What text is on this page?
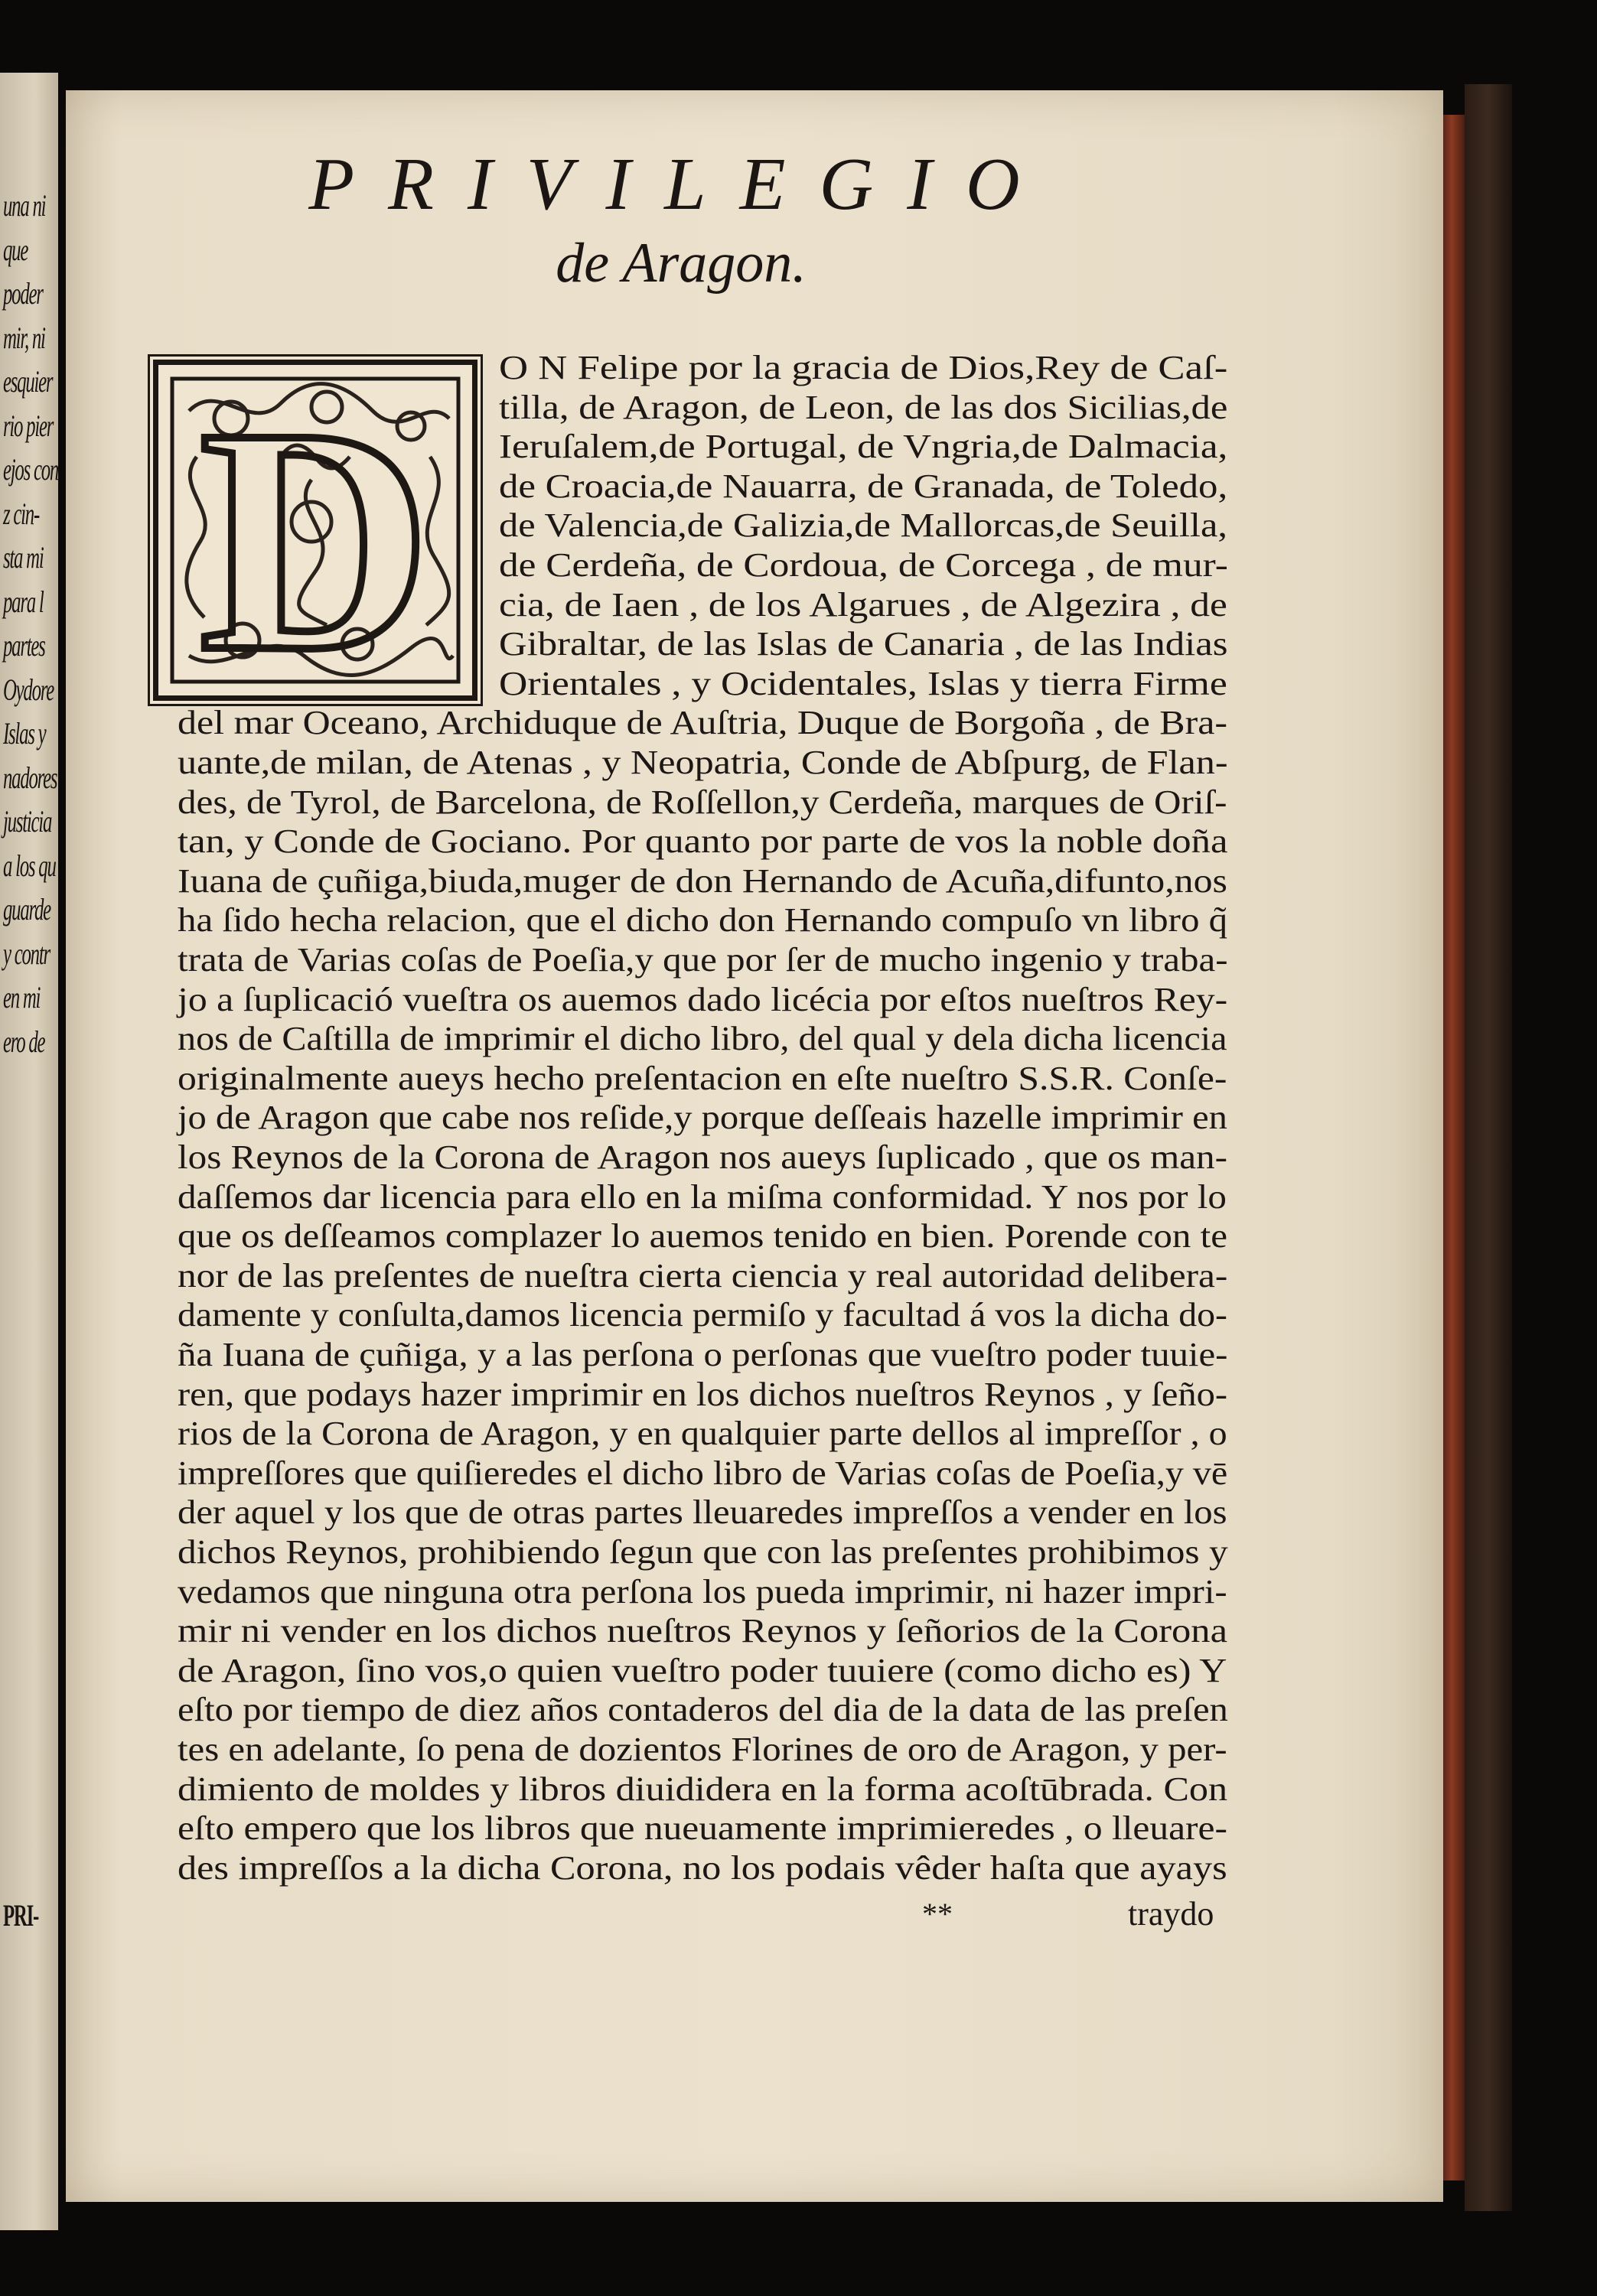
una ni
que
poder
mir, ni
esquier
rio pier
ejos con
z cin-
sta mi
para l
partes
Oydore
Islas y
nadores
justicia
a los qu
guarde
y contr
en mi
ero de
PRI-
PRIVILEGIO
de Aragon.
D O N Felipe por la gracia de Dios,Rey de Caſ-
tilla, de Aragon, de Leon, de las dos Sicilias,de
Ieruſalem,de Portugal, de Vngria,de Dalmacia,
de Croacia,de Nauarra, de Granada, de Toledo,
de Valencia,de Galizia,de Mallorcas,de Seuilla,
de Cerdeña, de Cordoua, de Corcega , de mur-
cia, de Iaen , de los Algarues , de Algezira , de
Gibraltar, de las Islas de Canaria , de las Indias
Orientales , y Ocidentales, Islas y tierra Firme
del mar Oceano, Archiduque de Auſtria, Duque de Borgoña , de Bra-
uante,de milan, de Atenas , y Neopatria, Conde de Abſpurg, de Flan-
des, de Tyrol, de Barcelona, de Roſſellon,y Cerdeña, marques de Oriſ-
tan, y Conde de Gociano. Por quanto por parte de vos la noble doña
Iuana de çuñiga,biuda,muger de don Hernando de Acuña,difunto,nos
ha ſido hecha relacion, que el dicho don Hernando compuſo vn libro q̃
trata de Varias coſas de Poeſia,y que por ſer de mucho ingenio y traba-
jo a ſuplicació vueſtra os auemos dado licécia por eſtos nueſtros Rey-
nos de Caſtilla de imprimir el dicho libro, del qual y dela dicha licencia
originalmente aueys hecho preſentacion en eſte nueſtro S.S.R. Conſe-
jo de Aragon que cabe nos reſide,y porque deſſeais hazelle imprimir en
los Reynos de la Corona de Aragon nos aueys ſuplicado , que os man-
daſſemos dar licencia para ello en la miſma conformidad. Y nos por lo
que os deſſeamos complazer lo auemos tenido en bien. Porende con te
nor de las preſentes de nueſtra cierta ciencia y real autoridad delibera-
damente y conſulta,damos licencia permiſo y facultad á vos la dicha do-
ña Iuana de çuñiga, y a las perſona o perſonas que vueſtro poder tuuie-
ren, que podays hazer imprimir en los dichos nueſtros Reynos , y ſeño-
rios de la Corona de Aragon, y en qualquier parte dellos al impreſſor , o
impreſſores que quiſieredes el dicho libro de Varias coſas de Poeſia,y vē
der aquel y los que de otras partes lleuaredes impreſſos a vender en los
dichos Reynos, prohibiendo ſegun que con las preſentes prohibimos y
vedamos que ninguna otra perſona los pueda imprimir, ni hazer impri-
mir ni vender en los dichos nueſtros Reynos y ſeñorios de la Corona
de Aragon, ſino vos,o quien vueſtro poder tuuiere (como dicho es) Y
eſto por tiempo de diez años contaderos del dia de la data de las preſen
tes en adelante, ſo pena de dozientos Florines de oro de Aragon, y per-
dimiento de moldes y libros diuididera en la forma acoſtūbrada. Con
eſto empero que los libros que nueuamente imprimieredes , o lleuare-
des impreſſos a la dicha Corona, no los podais vêder haſta que ayays
**	traydo
